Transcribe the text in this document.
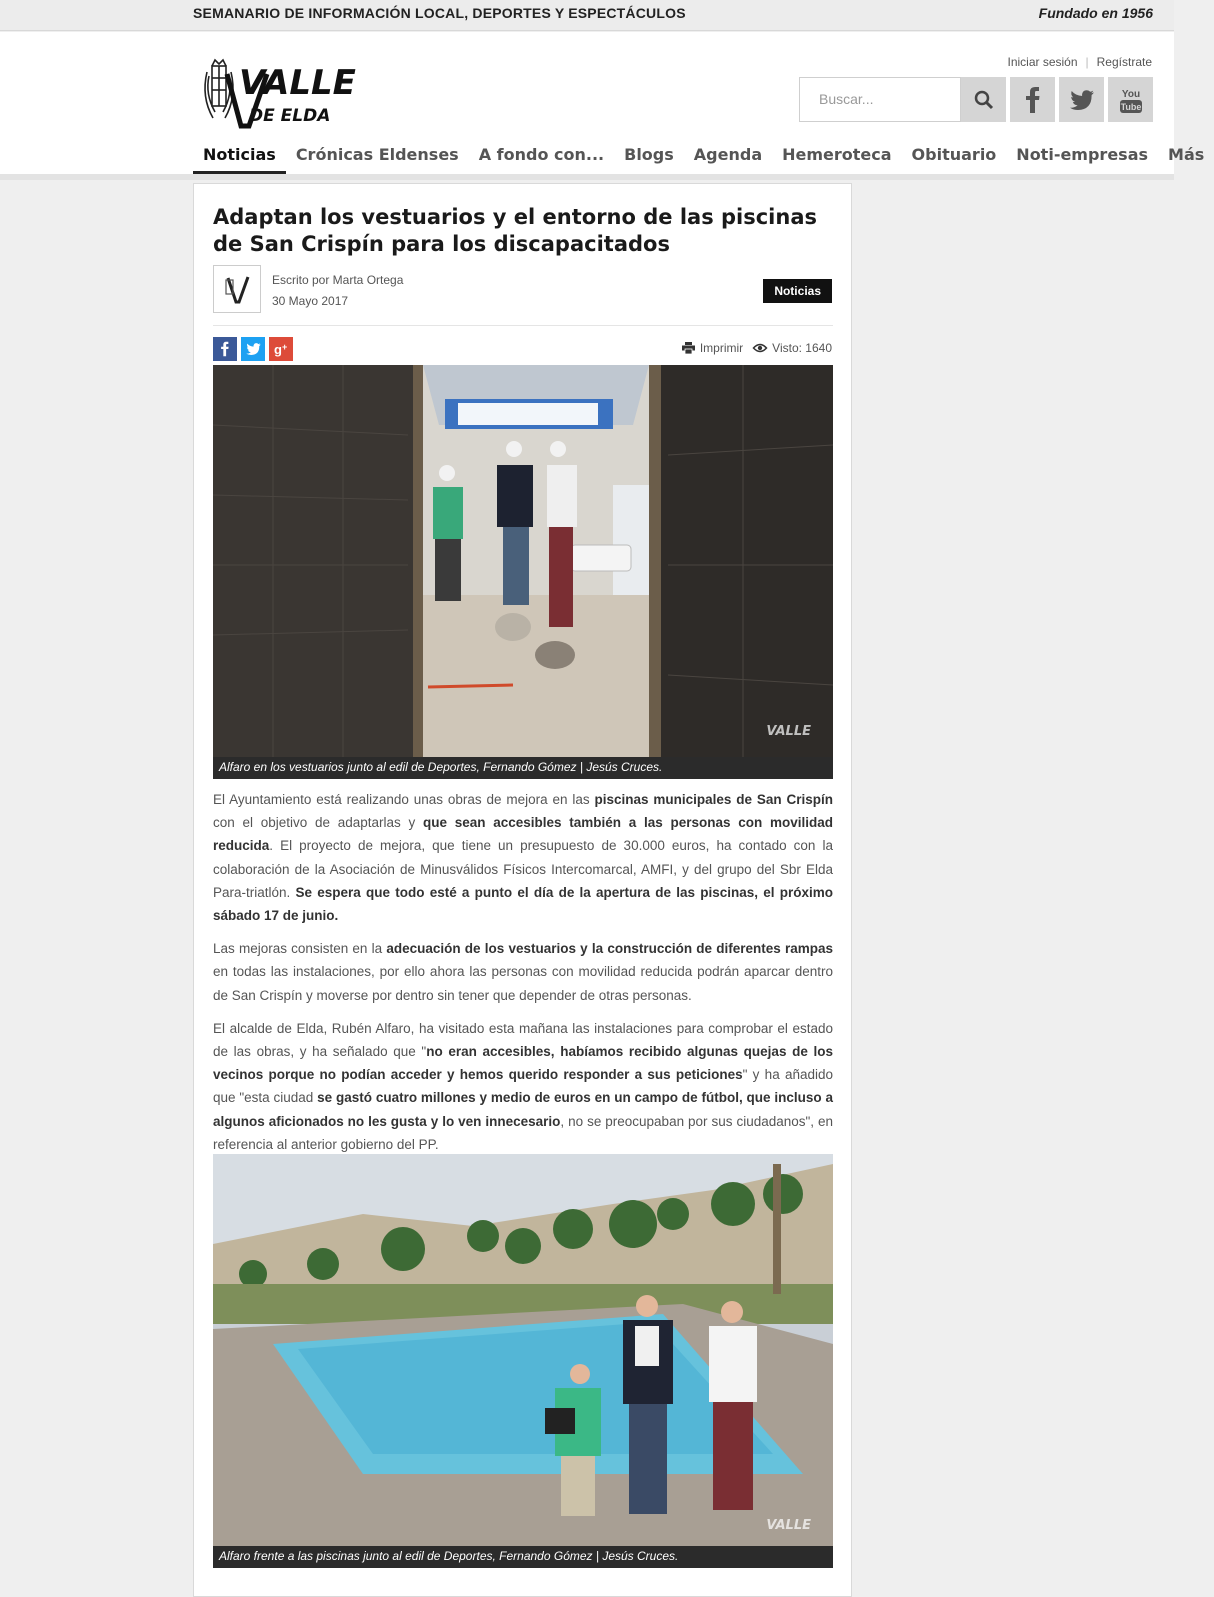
SEMANARIO DE INFORMACIÓN LOCAL, DEPORTES Y ESPECTÁCULOS	Fundado en 1956
VALLE
DE ELDA
Iniciar sesión | Regístrate
Buscar...	You
Tube
Noticias	Crónicas Eldenses	A fondo con...	Blogs	Agenda	Hemeroteca	Obituario	Noti-empresas	Más
Adaptan los vestuarios y el entorno de las piscinas de San Crispín para los discapacitados
Escrito por Marta Ortega
30 Mayo 2017
Noticias
g +	Imprimir Visto: 1640
VALLE
Alfaro en los vestuarios junto al edil de Deportes, Fernando Gómez | Jesús Cruces.

El Ayuntamiento está realizando unas obras de mejora en las piscinas municipales de San Crispín con el objetivo de adaptarlas y que sean accesibles también a las personas con movilidad reducida. El proyecto de mejora, que tiene un presupuesto de 30.000 euros, ha contado con la colaboración de la Asociación de Minusválidos Físicos Intercomarcal, AMFI, y del grupo del Sbr Elda Para-triatlón. Se espera que todo esté a punto el día de la apertura de las piscinas, el próximo sábado 17 de junio.

Las mejoras consisten en la adecuación de los vestuarios y la construcción de diferentes rampas en todas las instalaciones, por ello ahora las personas con movilidad reducida podrán aparcar dentro de San Crispín y moverse por dentro sin tener que depender de otras personas.

El alcalde de Elda, Rubén Alfaro, ha visitado esta mañana las instalaciones para comprobar el estado de las obras, y ha señalado que "no eran accesibles, habíamos recibido algunas quejas de los vecinos porque no podían acceder y hemos querido responder a sus peticiones" y ha añadido que "esta ciudad se gastó cuatro millones y medio de euros en un campo de fútbol, que incluso a algunos aficionados no les gusta y lo ven innecesario, no se preocupaban por sus ciudadanos", en referencia al anterior gobierno del PP.

VALLE
Alfaro frente a las piscinas junto al edil de Deportes, Fernando Gómez | Jesús Cruces.
